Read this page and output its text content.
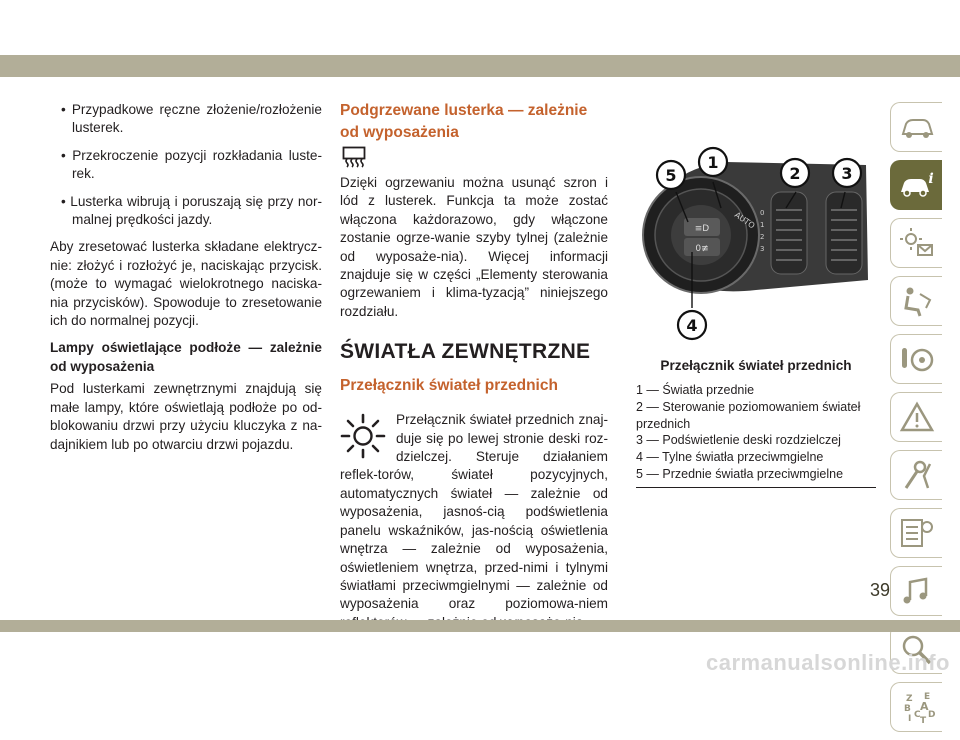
• Przypadkowe ręczne złożenie/rozłożenie lusterek.

• Przekroczenie pozycji rozkładania luste-rek.

• Lusterka wibrują i poruszają się przy nor-malnej prędkości jazdy.

Aby zresetować lusterka składane elektrycz-nie: złożyć i rozłożyć je, naciskając przycisk. (może to wymagać wielokrotnego naciska-nia przycisków). Spowoduje to zresetowanie ich do normalnej pozycji.

Lampy oświetlające podłoże — zależnie od wyposażenia

Pod lusterkami zewnętrznymi znajdują się małe lampy, które oświetlają podłoże po od-blokowaniu drzwi przy użyciu kluczyka z na-dajnikiem lub po otwarciu drzwi pojazdu.

Podgrzewane lusterka — zależnie od wyposażenia

Dzięki ogrzewaniu można usunąć szron i lód z lusterek. Funkcja ta może zostać włączona każdorazowo, gdy włączone zostanie ogrze-wanie szyby tylnej (zależnie od wyposaże-nia). Więcej informacji znajduje się w części „Elementy sterowania ogrzewaniem i klima-tyzacją” niniejszego rozdziału.

ŚWIATŁA ZEWNĘTRZNE
Przełącznik świateł przednich

Przełącznik świateł przednich znaj-duje się po lewej stronie deski roz-dzielczej. Steruje działaniem reflek-torów, świateł pozycyjnych, automatycznych świateł — zależnie od wyposażenia, jasnoś-cią podświetlenia panelu wskaźników, jas-nością oświetlenia wnętrza — zależnie od wyposażenia, oświetleniem wnętrza, przed-nimi i tylnymi światłami przeciwmgielnymi — zależnie od wyposażenia oraz poziomowa-niem

≡D
0≢
AUTO 0
1
2
3
5
1
2	3
4
Przełącznik świateł przednich
1 — Światła przednie
2 — Sterowanie poziomowaniem świateł przednich
3 — Podświetlenie deski rozdzielczej
4 — Tylne światła przeciwmgielne
5 — Przednie światła przeciwmgielne
i
Z E
B A
I C
T
D
39
carmanualsonline.info
